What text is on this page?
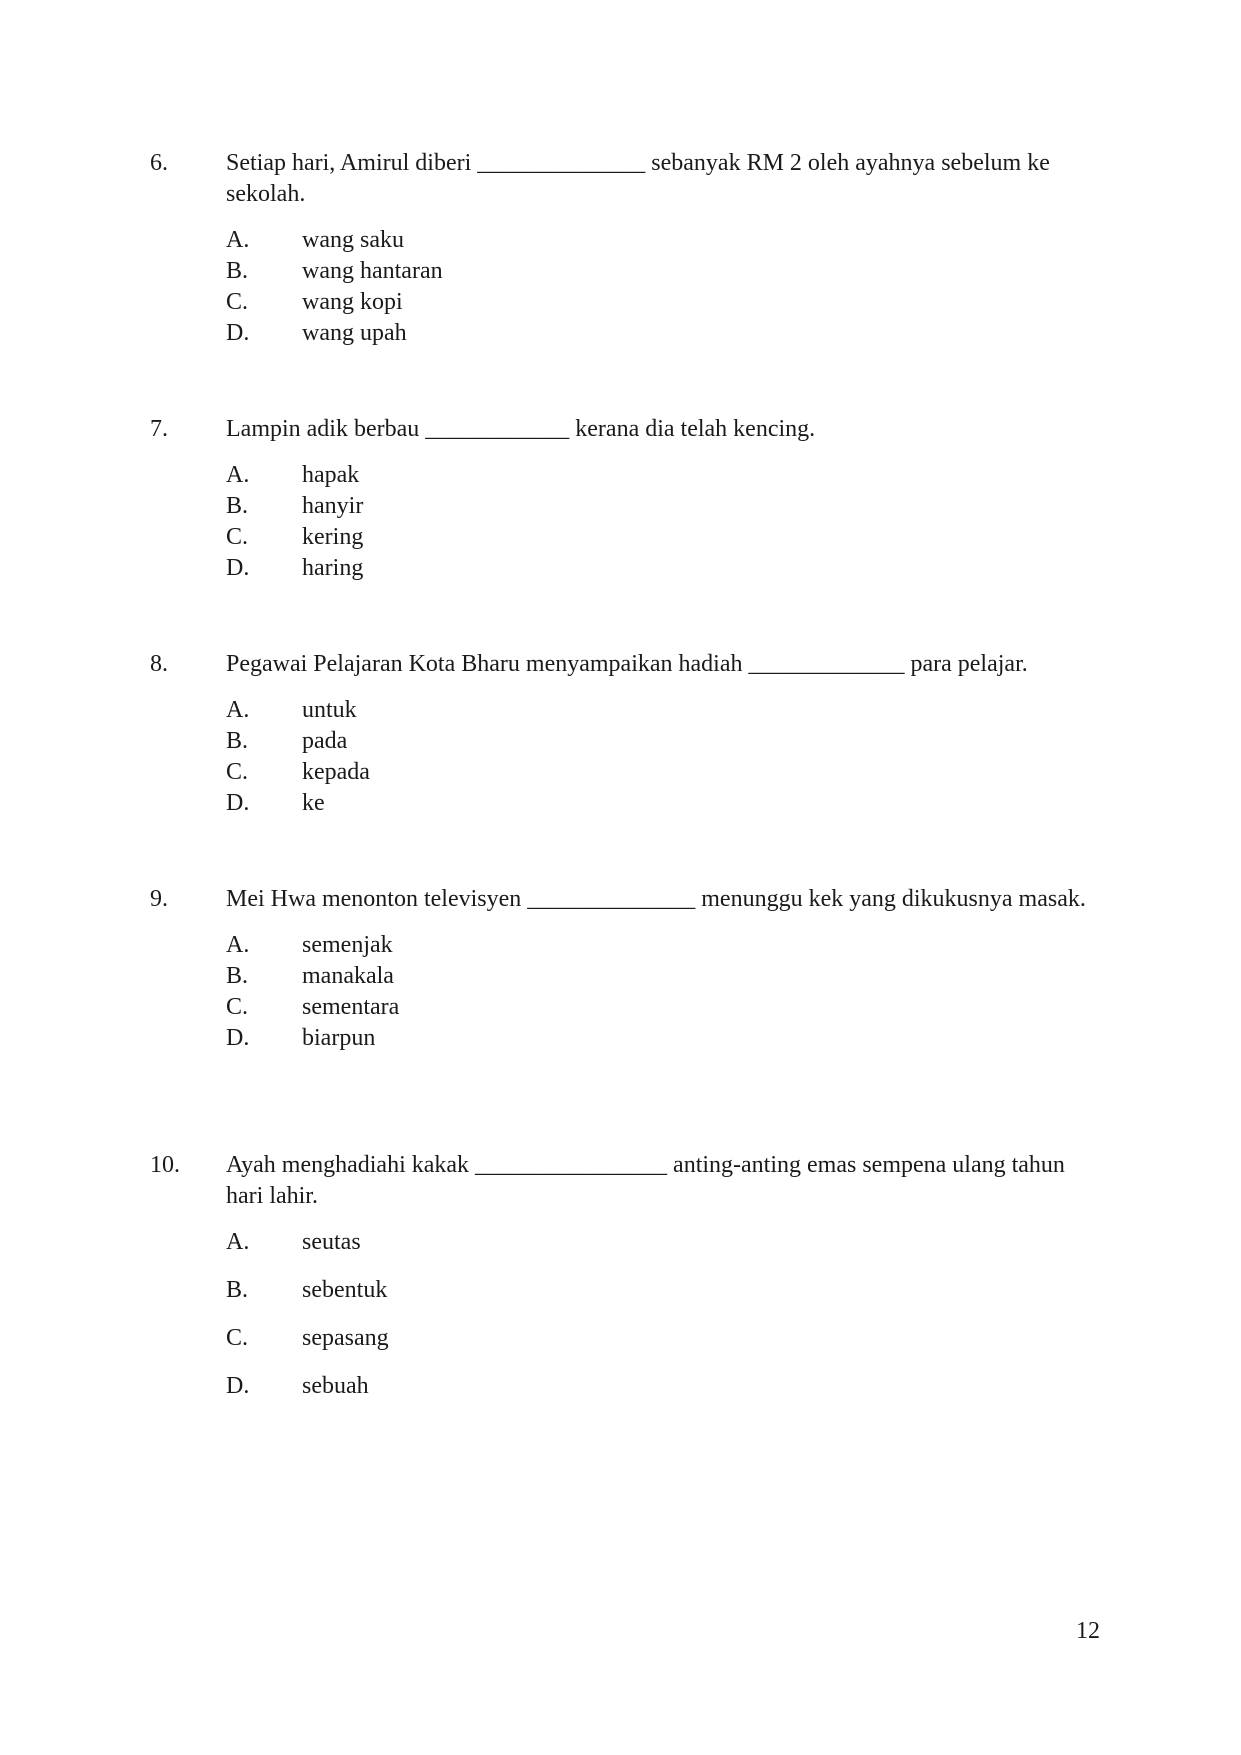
6.	Setiap hari, Amirul diberi ______________ sebanyak RM 2 oleh ayahnya sebelum ke sekolah.
A.	wang saku
B.	wang hantaran
C.	wang kopi
D.	wang upah
7.	Lampin adik berbau ____________ kerana dia telah kencing.
A.	hapak
B.	hanyir
C.	kering
D.	haring
8.	Pegawai Pelajaran Kota Bharu menyampaikan hadiah _____________ para pelajar.
A.	untuk
B.	pada
C.	kepada
D.	ke
9.	Mei Hwa menonton televisyen ______________ menunggu kek yang dikukusnya masak.
A.	semenjak
B.	manakala
C.	sementara
D.	biarpun
10.	Ayah menghadiahi kakak ________________ anting-anting emas sempena ulang tahun hari lahir.
A.	seutas
B.	sebentuk
C.	sepasang
D.	sebuah
12
